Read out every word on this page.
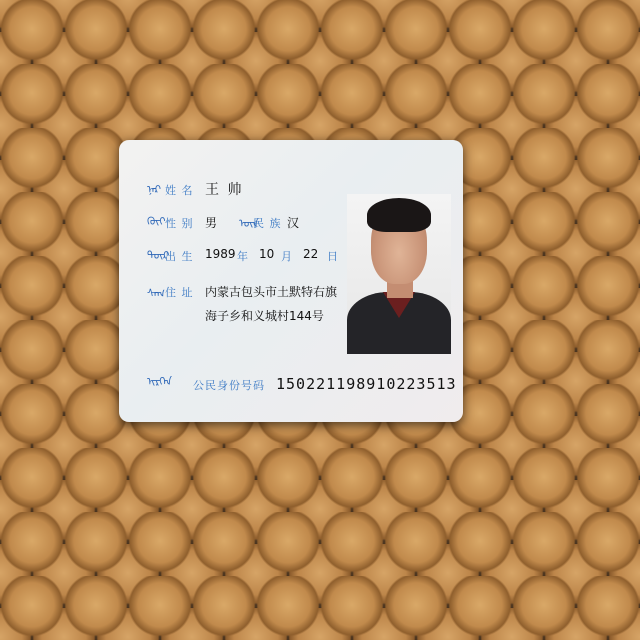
ᠨᠡᠷ
ᠬᠦᠢ
ᠲᠦᠷ
ᠰᠠᠭ
ᠢᠷᠭᠡᠨ
ᠦᠨ
姓 名 王 帅
性 别 男	民 族 汉
出 生 1989 年 10 月 22 日
住 址 内蒙古包头市土默特右旗
海子乡和义城村144号
公民身份号码 150221198910223513
